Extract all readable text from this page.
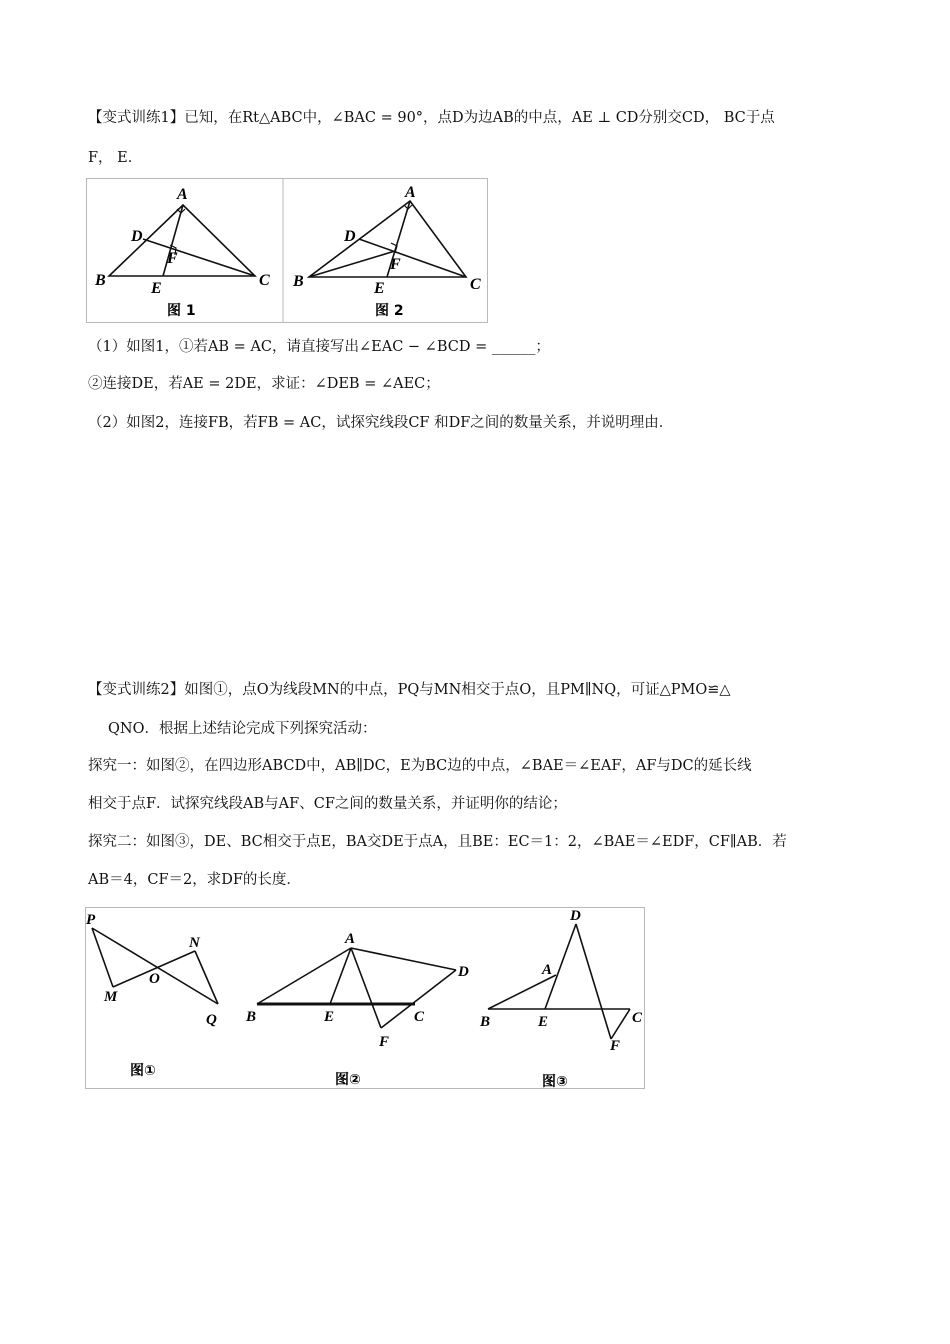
【变式训练1】已知，在Rt△ABC中，∠BAC = 90°，点D为边AB的中点，AE ⊥ CD分别交CD， BC于点
F， E．
A
D
F
B	E	C
图 1
A
D
F
B	E	C
图 2
（1）如图1，①若AB = AC，请直接写出∠EAC − ∠BCD = ______；
②连接DE，若AE = 2DE，求证：∠DEB = ∠AEC；
（2）如图2，连接FB，若FB = AC，试探究线段CF 和DF之间的数量关系，并说明理由．
【变式训练2】如图①，点O为线段MN的中点，PQ与MN相交于点O，且PM∥NQ，可证△PMO≌△
QNO．根据上述结论完成下列探究活动：
探究一：如图②，在四边形ABCD中，AB∥DC，E为BC边的中点，∠BAE＝∠EAF，AF与DC的延长线
相交于点F．试探究线段AB与AF、CF之间的数量关系，并证明你的结论；
探究二：如图③，DE、BC相交于点E，BA交DE于点A，且BE：EC＝1：2，∠BAE＝∠EDF，CF∥AB．若
AB＝4，CF＝2，求DF的长度．
P
M
O
N
Q
图①
A
B	E	C
D
F
图②
D
A
B	E	C
F
图③
